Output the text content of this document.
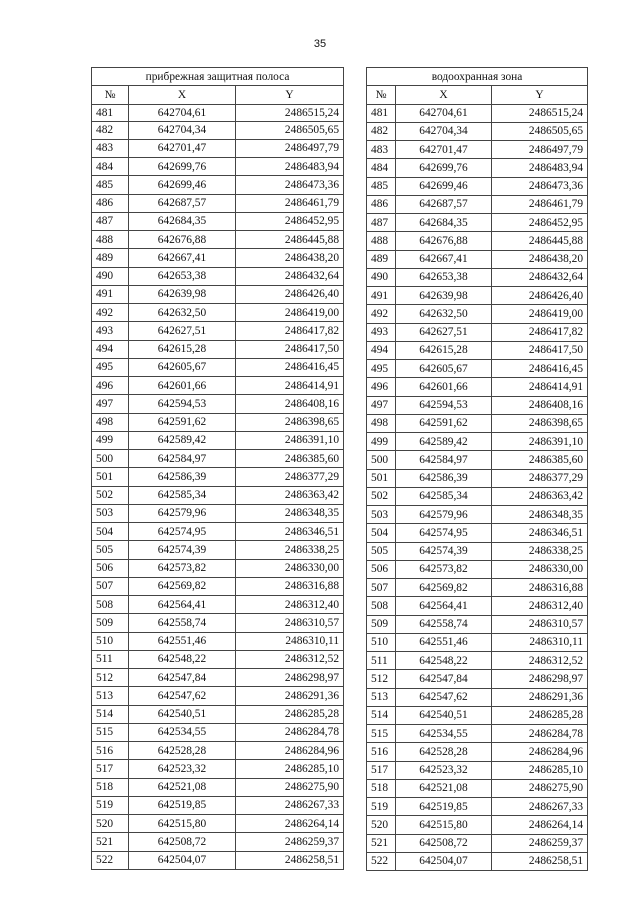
35
прибрежная защитная полоса		
№	X	Y
481	642704,61	2486515,24
482	642704,34	2486505,65
483	642701,47	2486497,79
484	642699,76	2486483,94
485	642699,46	2486473,36
486	642687,57	2486461,79
487	642684,35	2486452,95
488	642676,88	2486445,88
489	642667,41	2486438,20
490	642653,38	2486432,64
491	642639,98	2486426,40
492	642632,50	2486419,00
493	642627,51	2486417,82
494	642615,28	2486417,50
495	642605,67	2486416,45
496	642601,66	2486414,91
497	642594,53	2486408,16
498	642591,62	2486398,65
499	642589,42	2486391,10
500	642584,97	2486385,60
501	642586,39	2486377,29
502	642585,34	2486363,42
503	642579,96	2486348,35
504	642574,95	2486346,51
505	642574,39	2486338,25
506	642573,82	2486330,00
507	642569,82	2486316,88
508	642564,41	2486312,40
509	642558,74	2486310,57
510	642551,46	2486310,11
511	642548,22	2486312,52
512	642547,84	2486298,97
513	642547,62	2486291,36
514	642540,51	2486285,28
515	642534,55	2486284,78
516	642528,28	2486284,96
517	642523,32	2486285,10
518	642521,08	2486275,90
519	642519,85	2486267,33
520	642515,80	2486264,14
521	642508,72	2486259,37
522	642504,07	2486258,51
водоохранная зона		
№	X	Y
481	642704,61	2486515,24
482	642704,34	2486505,65
483	642701,47	2486497,79
484	642699,76	2486483,94
485	642699,46	2486473,36
486	642687,57	2486461,79
487	642684,35	2486452,95
488	642676,88	2486445,88
489	642667,41	2486438,20
490	642653,38	2486432,64
491	642639,98	2486426,40
492	642632,50	2486419,00
493	642627,51	2486417,82
494	642615,28	2486417,50
495	642605,67	2486416,45
496	642601,66	2486414,91
497	642594,53	2486408,16
498	642591,62	2486398,65
499	642589,42	2486391,10
500	642584,97	2486385,60
501	642586,39	2486377,29
502	642585,34	2486363,42
503	642579,96	2486348,35
504	642574,95	2486346,51
505	642574,39	2486338,25
506	642573,82	2486330,00
507	642569,82	2486316,88
508	642564,41	2486312,40
509	642558,74	2486310,57
510	642551,46	2486310,11
511	642548,22	2486312,52
512	642547,84	2486298,97
513	642547,62	2486291,36
514	642540,51	2486285,28
515	642534,55	2486284,78
516	642528,28	2486284,96
517	642523,32	2486285,10
518	642521,08	2486275,90
519	642519,85	2486267,33
520	642515,80	2486264,14
521	642508,72	2486259,37
522	642504,07	2486258,51
